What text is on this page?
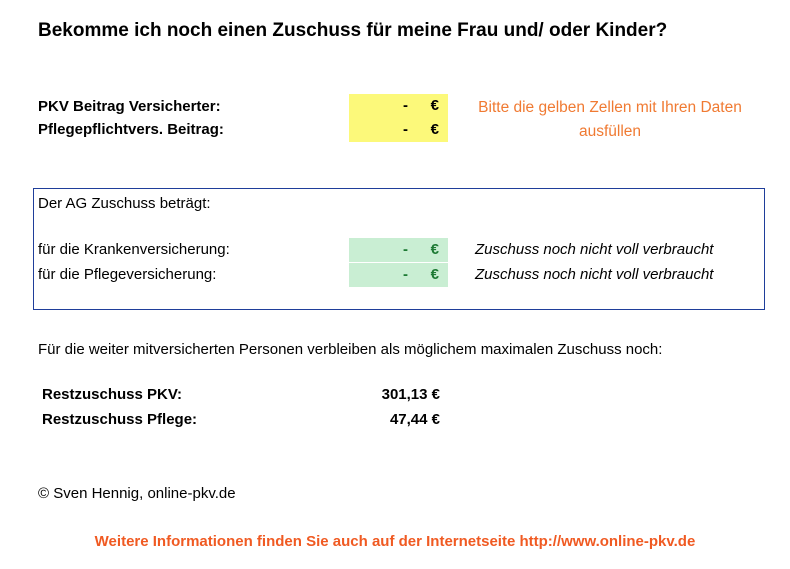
Bekomme ich noch einen Zuschuss für meine Frau und/ oder Kinder?
PKV Beitrag Versicherter:	- €
Pflegepflichtvers. Beitrag:	- €
Bitte die gelben Zellen mit Ihren Daten ausfüllen
Der AG Zuschuss beträgt:
für die Krankenversicherung:	- € Zuschuss noch nicht voll verbraucht
für die Pflegeversicherung:	- € Zuschuss noch nicht voll verbraucht
Für die weiter mitversicherten Personen verbleiben als möglichem maximalen Zuschuss noch:
Restzuschuss PKV:	301,13 €
Restzuschuss Pflege:	47,44 €
© Sven Hennig, online-pkv.de
Weitere Informationen finden Sie auch auf der Internetseite http://www.online-pkv.de
